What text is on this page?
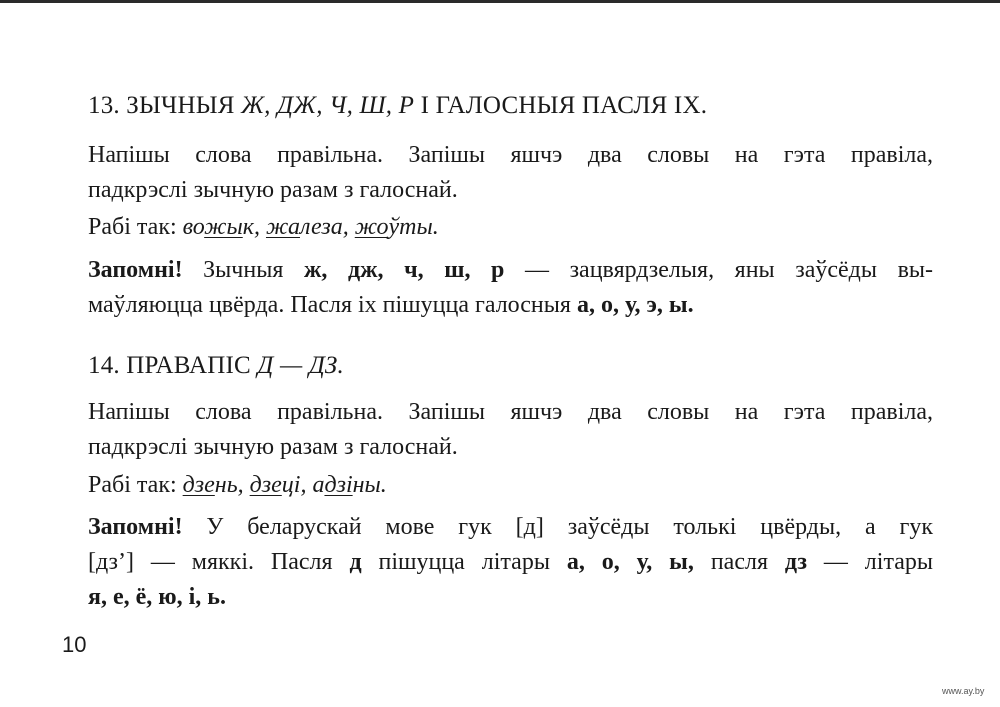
13. ЗЫЧНЫЯ Ж, ДЖ, Ч, Ш, Р І ГАЛОСНЫЯ ПАСЛЯ ІХ.
Напішы слова правільна. Запішы яшчэ два словы на гэта правіла,
падкрэслі зычную разам з галоснай.
Рабі так: вожык, жалеза, жоўты.
Запомні! Зычныя ж, дж, ч, ш, р — зацвярдзелыя, яны заўсёды вы-
маўляюцца цвёрда. Пасля іх пішуцца галосныя а, о, у, э, ы.
14. ПРАВАПІС Д — ДЗ.
Напішы слова правільна. Запішы яшчэ два словы на гэта правіла,
падкрэслі зычную разам з галоснай.
Рабі так: дзень, дзеці, адзіны.
Запомні! У беларускай мове гук [д] заўсёды толькі цвёрды, а гук
[дз’] — мяккі. Пасля д пішуцца літары а, о, у, ы, пасля дз — літары
я, е, ё, ю, і, ь.
10
www.ay.by
